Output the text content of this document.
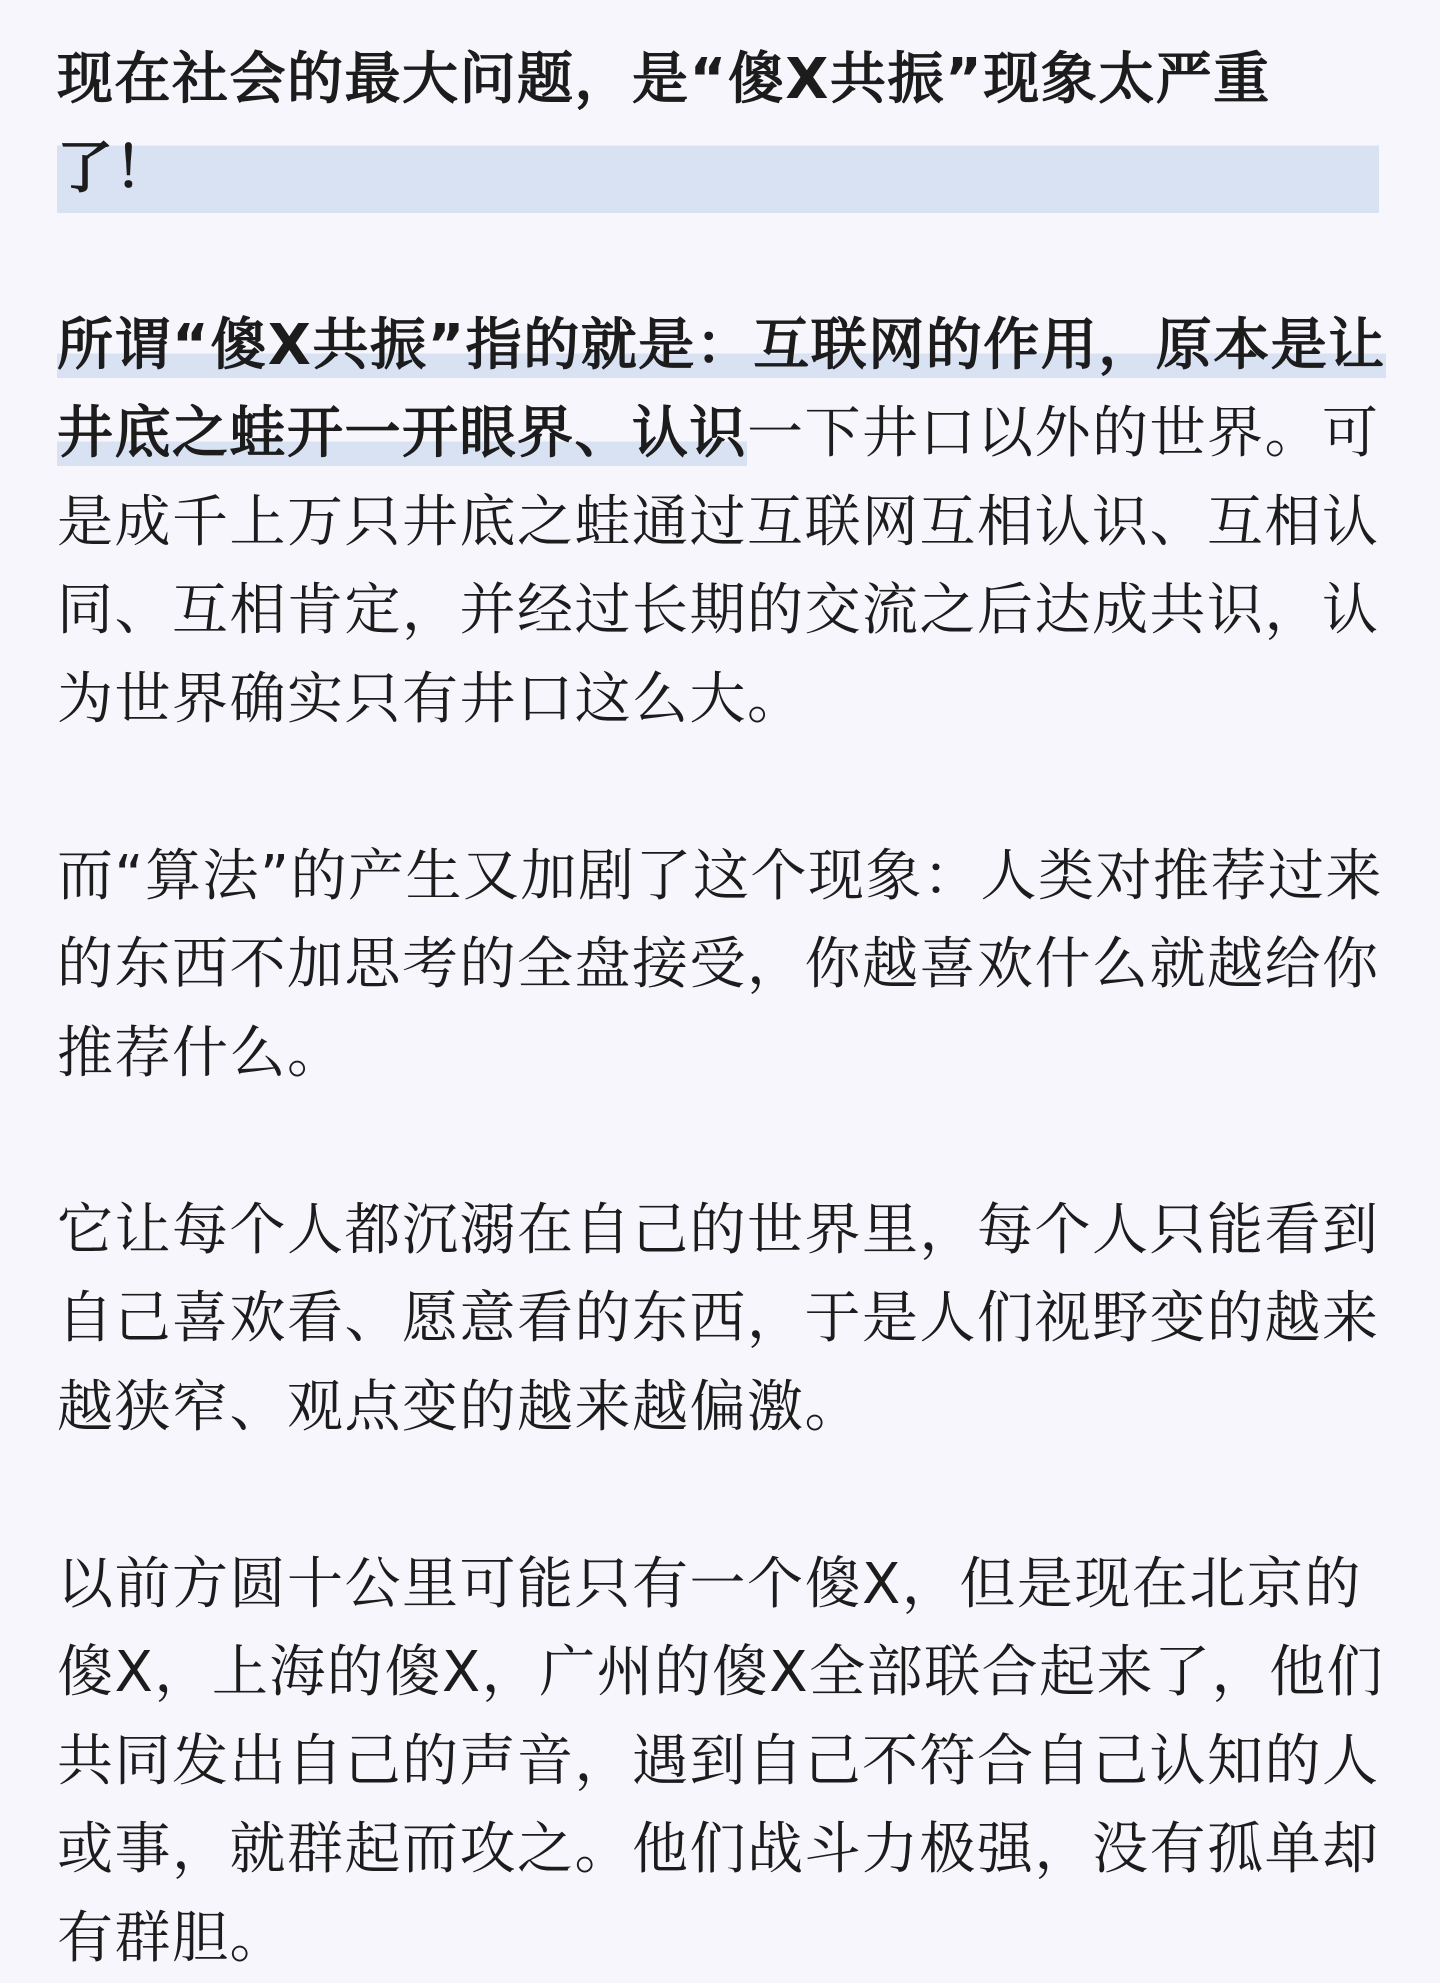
现在社会的最大问题，是“傻X共振”现象太严重了！

所谓“傻X共振”指的就是：互联网的作用，原本是让井底之蛙开一开眼界、认识一下井口以外的世界。可是成千上万只井底之蛙通过互联网互相认识、互相认同、互相肯定，并经过长期的交流之后达成共识，认为世界确实只有井口这么大。

而“算法”的产生又加剧了这个现象：人类对推荐过来的东西不加思考的全盘接受，你越喜欢什么就越给你推荐什么。

它让每个人都沉溺在自己的世界里，每个人只能看到自己喜欢看、愿意看的东西，于是人们视野变的越来越狭窄、观点变的越来越偏激。

以前方圆十公里可能只有一个傻X，但是现在北京的傻X，上海的傻X，广州的傻X全部联合起来了，他们共同发出自己的声音，遇到自己不符合自己认知的人或事，就群起而攻之。他们战斗力极强，没有孤单却有群胆。
